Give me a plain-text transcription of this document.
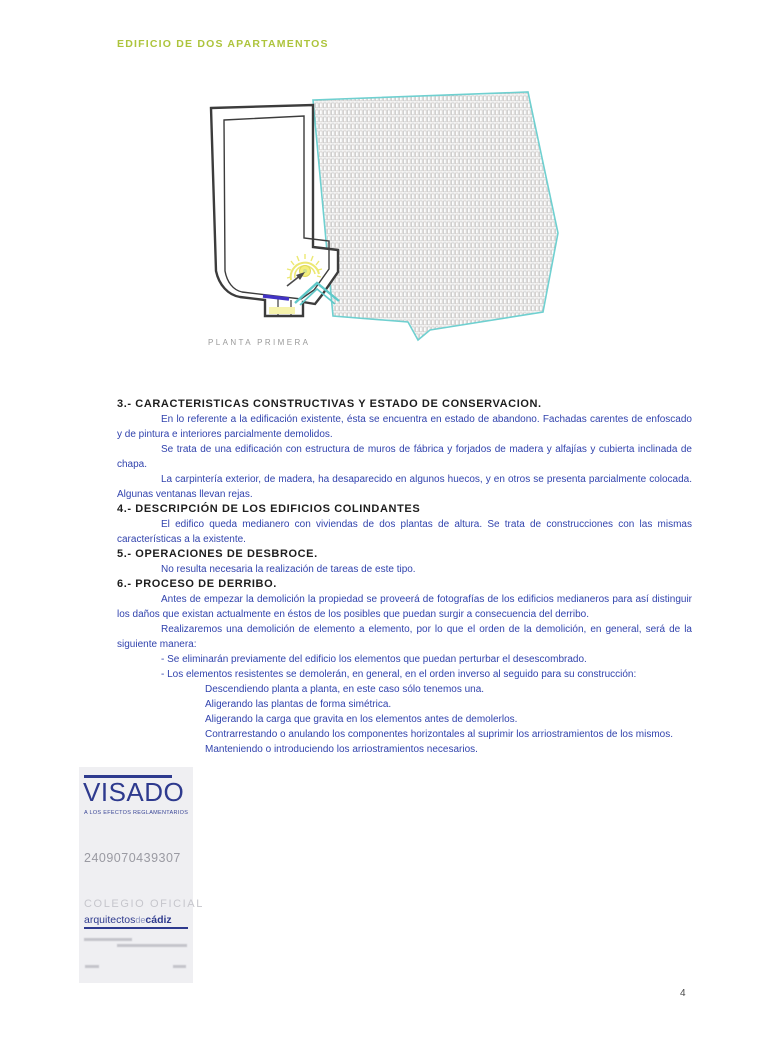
EDIFICIO DE DOS APARTAMENTOS
PLANTA PRIMERA
3.- CARACTERISTICAS CONSTRUCTIVAS Y ESTADO DE CONSERVACION.

En lo referente a la edificación existente, ésta se encuentra en estado de abandono. Fachadas carentes de enfoscado y de pintura e interiores parcialmente demolidos.

Se trata de una edificación con estructura de muros de fábrica y forjados de madera y alfajías y cubierta inclinada de chapa.

La carpintería exterior, de madera, ha desaparecido en algunos huecos, y en otros se presenta parcialmente colocada. Algunas ventanas llevan rejas.

4.- DESCRIPCIÓN DE LOS EDIFICIOS COLINDANTES

El edifico queda medianero con viviendas de dos plantas de altura. Se trata de construcciones con las mismas características a la existente.

5.- OPERACIONES DE DESBROCE.

No resulta necesaria la realización de tareas de este tipo.

6.- PROCESO DE DERRIBO.

Antes de empezar la demolición la propiedad se proveerá de fotografías de los edificios medianeros para así distinguir los daños que existan actualmente en éstos de los posibles que puedan surgir a consecuencia del derribo.

Realizaremos una demolición de elemento a elemento, por lo que el orden de la demolición, en general, será de la siguiente manera:

- Se eliminarán previamente del edificio los elementos que puedan perturbar el desescombrado.
- Los elementos resistentes se demolerán, en general, en el orden inverso al seguido para su construcción:
Descendiendo planta a planta, en este caso sólo tenemos una.
Aligerando las plantas de forma simétrica.
Aligerando la carga que gravita en los elementos antes de demolerlos.
Contrarrestando o anulando los componentes horizontales al suprimir los arriostramientos de los mismos.
Manteniendo o introduciendo los arriostramientos necesarios.
VISADO
A LOS EFECTOS REGLAMENTARIOS
2409070439307
COLEGIO OFICIAL
arquitectosdecádiz
4
